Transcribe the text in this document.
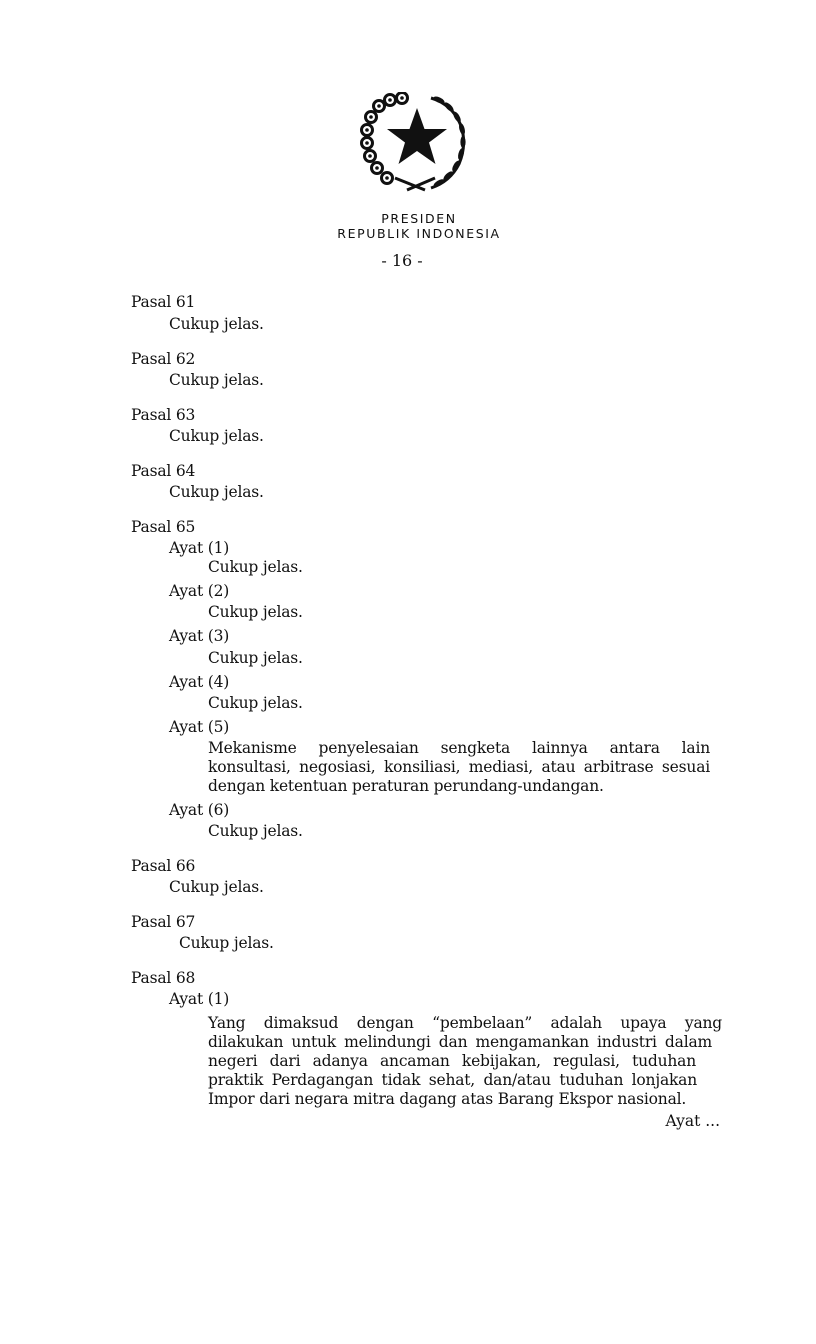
PRESIDEN
REPUBLIK INDONESIA
- 16 -
Pasal 61
Cukup jelas.
Pasal 62
Cukup jelas.
Pasal 63
Cukup jelas.
Pasal 64
Cukup jelas.
Pasal 65
Ayat (1)
Cukup jelas.
Ayat (2)
Cukup jelas.
Ayat (3)
Cukup jelas.
Ayat (4)
Cukup jelas.
Ayat (5)
Mekanisme penyelesaian sengketa lainnya antara lain
konsultasi, negosiasi, konsiliasi, mediasi, atau arbitrase sesuai
dengan ketentuan peraturan perundang-undangan.
Ayat (6)
Cukup jelas.
Pasal 66
Cukup jelas.
Pasal 67
Cukup jelas.
Pasal 68
Ayat (1)
Yang dimaksud dengan “pembelaan” adalah upaya yang
dilakukan untuk melindungi dan mengamankan industri dalam
negeri dari adanya ancaman kebijakan, regulasi, tuduhan
praktik Perdagangan tidak sehat, dan/atau tuduhan lonjakan
Impor dari negara mitra dagang atas Barang Ekspor nasional.
Ayat ...
